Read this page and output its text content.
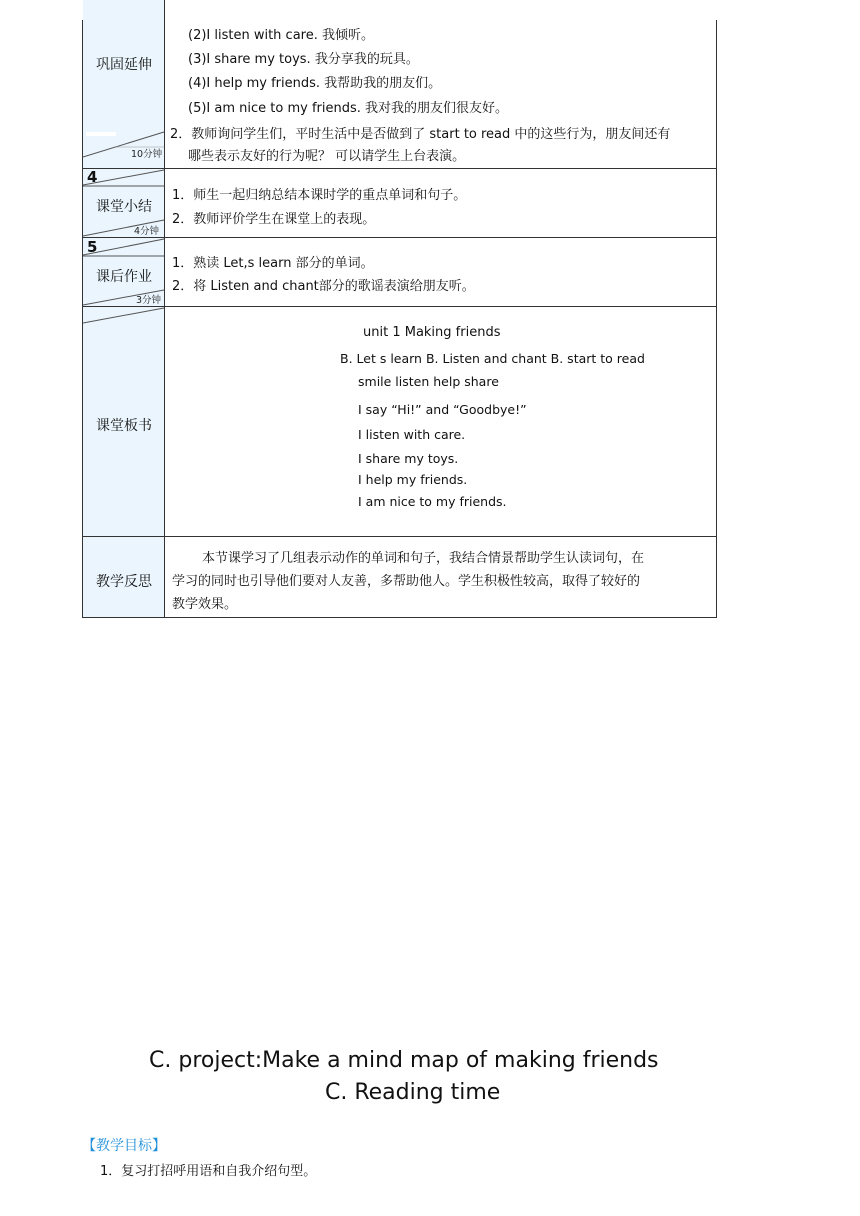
巩固延伸
10分钟
(2)I listen with care. 我倾听。
(3)I share my toys. 我分享我的玩具。
(4)I help my friends. 我帮助我的朋友们。
(5)I am nice to my friends. 我对我的朋友们很友好。
2．教师询问学生们，平时生活中是否做到了 start to read 中的这些行为，朋友间还有
哪些表示友好的行为呢？ 可以请学生上台表演。
4
课堂小结
4分钟
1．师生一起归纳总结本课时学的重点单词和句子。
2．教师评价学生在课堂上的表现。
5
课后作业
3分钟
1．熟读 Let,s learn 部分的单词。
2．将 Listen and chant部分的歌谣表演给朋友听。
课堂板书
unit 1 Making friends
B. Let s learn B. Listen and chant B. start to read
smile listen help share
I say “Hi!” and “Goodbye!”
I listen with care.
I share my toys.
I help my friends.
I am nice to my friends.
教学反思
本节课学习了几组表示动作的单词和句子，我结合情景帮助学生认读词句，在
学习的同时也引导他们要对人友善，多帮助他人。学生积极性较高，取得了较好的
教学效果。
C. project:Make a mind map of making friends
C. Reading time
【教学目标】
1．复习打招呼用语和自我介绍句型。
